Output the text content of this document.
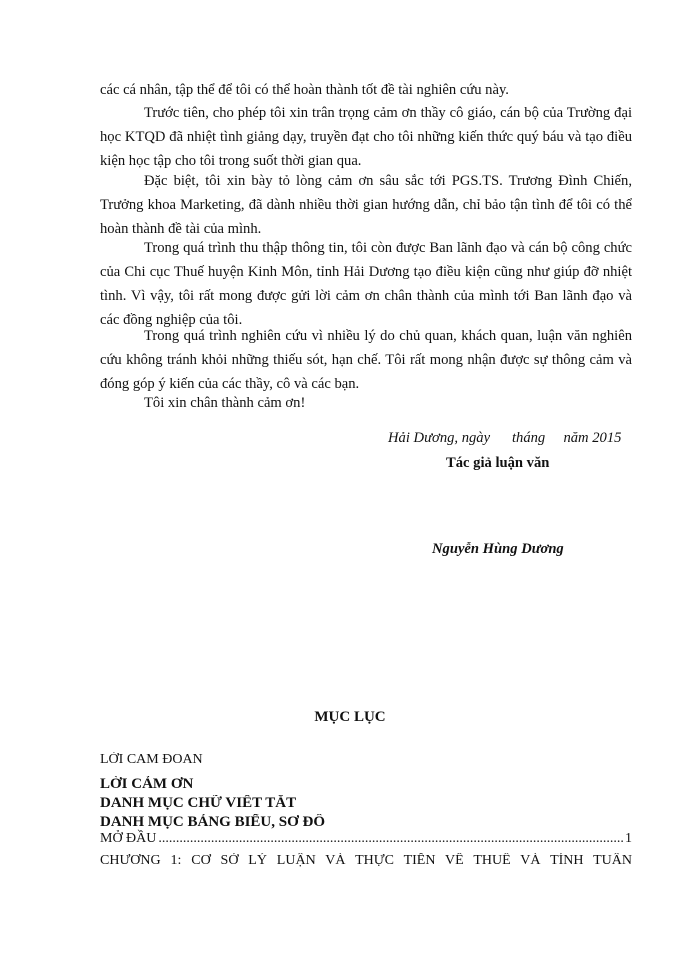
các cá nhân, tập thể để tôi có thể hoàn thành tốt đề tài nghiên cứu này.

Trước tiên, cho phép tôi xin trân trọng cảm ơn thầy cô giáo, cán bộ của Trường đại học KTQD đã nhiệt tình giảng dạy, truyền đạt cho tôi những kiến thức quý báu và tạo điều kiện học tập cho tôi trong suốt thời gian qua.

Đặc biệt, tôi xin bày tỏ lòng cảm ơn sâu sắc tới PGS.TS. Trương Đình Chiến, Trưởng khoa Marketing, đã dành nhiều thời gian hướng dẫn, chỉ bảo tận tình để tôi có thể hoàn thành đề tài của mình.

Trong quá trình thu thập thông tin, tôi còn được Ban lãnh đạo và cán bộ công chức của Chi cục Thuế huyện Kinh Môn, tỉnh Hải Dương tạo điều kiện cũng như giúp đỡ nhiệt tình. Vì vậy, tôi rất mong được gửi lời cảm ơn chân thành của mình tới Ban lãnh đạo và các đồng nghiệp của tôi.

Trong quá trình nghiên cứu vì nhiều lý do chủ quan, khách quan, luận văn nghiên cứu không tránh khỏi những thiếu sót, hạn chế. Tôi rất mong nhận được sự thông cảm và đóng góp ý kiến của các thầy, cô và các bạn.

Tôi xin chân thành cảm ơn!

Hải Dương, ngày      tháng     năm 2015
Tác giả luận văn
Nguyễn Hùng Dương
MỤC LỤC
LỜI CAM ĐOAN
LỜI CẢM ƠN
DANH MỤC CHỮ VIẾT TẮT
DANH MỤC BẢNG BIỂU, SƠ ĐỒ
MỞ ĐẦU
.....	1
CHƯƠNG 1: CƠ SỞ LÝ LUẬN VÀ THỰC TIỄN VỀ THUẾ VÀ TÍNH TUÂN
